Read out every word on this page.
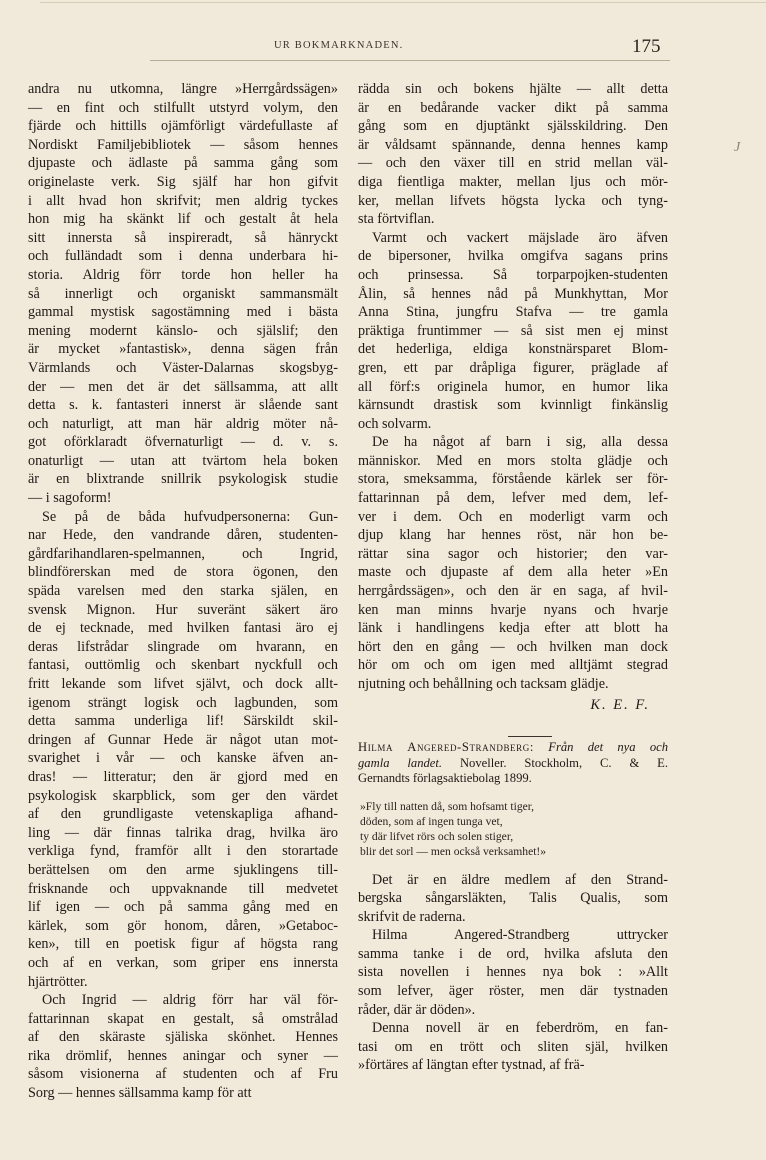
UR BOKMARKNADEN.	175
J
andra nu utkomna, längre »Herrgårdssägen»
— en fint och stilfullt utstyrd volym, den
fjärde och hittills ojämförligt värdefullaste af
Nordiskt Familjebibliotek — såsom hennes
djupaste och ädlaste på samma gång som
originelaste verk. Sig själf har hon gifvit
i allt hvad hon skrifvit; men aldrig tyckes
hon mig ha skänkt lif och gestalt åt hela
sitt innersta så inspireradt, så hänryckt
och fulländadt som i denna underbara hi-
storia. Aldrig förr torde hon heller ha
så innerligt och organiskt sammansmält
gammal mystisk sagostämning med i bästa
mening modernt känslo- och själslif; den
är mycket »fantastisk», denna sägen från
Värmlands och Väster-Dalarnas skogsbyg-
der — men det är det sällsamma, att allt
detta s. k. fantasteri innerst är slående sant
och naturligt, att man här aldrig möter nå-
got oförklaradt öfvernaturligt — d. v. s.
onaturligt — utan att tvärtom hela boken
är en blixtrande snillrik psykologisk studie
— i sagoform!
Se på de båda hufvudpersonerna: Gun-
nar Hede, den vandrande dåren, studenten-
gårdfarihandlaren-spelmannen, och Ingrid,
blindförerskan med de stora ögonen, den
späda varelsen med den starka själen, en
svensk Mignon. Hur suveränt säkert äro
de ej tecknade, med hvilken fantasi äro ej
deras lifstrådar slingrade om hvarann, en
fantasi, outtömlig och skenbart nyckfull och
fritt lekande som lifvet självt, och dock allt-
igenom strängt logisk och lagbunden, som
detta samma underliga lif! Särskildt skil-
dringen af Gunnar Hede är något utan mot-
svarighet i vår — och kanske äfven an-
dras! — litteratur; den är gjord med en
psykologisk skarpblick, som ger den värdet
af den grundligaste vetenskapliga afhand-
ling — där finnas talrika drag, hvilka äro
verkliga fynd, framför allt i den storartade
berättelsen om den arme sjuklingens till-
frisknande och uppvaknande till medvetet
lif igen — och på samma gång med en
kärlek, som gör honom, dåren, »Getaboc-
ken», till en poetisk figur af högsta rang
och af en verkan, som griper ens innersta
hjärtrötter.
Och Ingrid — aldrig förr har väl för-
fattarinnan skapat en gestalt, så omstrålad
af den skäraste själiska skönhet. Hennes
rika drömlif, hennes aningar och syner —
såsom visionerna af studenten och af Fru
Sorg — hennes sällsamma kamp för att
rädda sin och bokens hjälte — allt detta
är en bedårande vacker dikt på samma
gång som en djuptänkt själsskildring. Den
är våldsamt spännande, denna hennes kamp
— och den växer till en strid mellan väl-
diga fientliga makter, mellan ljus och mör-
ker, mellan lifvets högsta lycka och tyng-
sta förtviflan.
Varmt och vackert mäjslade äro äfven
de bipersoner, hvilka omgifva sagans prins
och prinsessa. Så torparpojken-studenten
Ålin, så hennes nåd på Munkhyttan, Mor
Anna Stina, jungfru Stafva — tre gamla
präktiga fruntimmer — så sist men ej minst
det hederliga, eldiga konstnärsparet Blom-
gren, ett par dråpliga figurer, präglade af
all förf:s originela humor, en humor lika
kärnsundt drastisk som kvinnligt finkänslig
och solvarm.
De ha något af barn i sig, alla dessa
människor. Med en mors stolta glädje och
stora, smeksamma, förstående kärlek ser för-
fattarinnan på dem, lefver med dem, lef-
ver i dem. Och en moderligt varm och
djup klang har hennes röst, när hon be-
rättar sina sagor och historier; den var-
maste och djupaste af dem alla heter »En
herrgårdssägen», och den är en saga, af hvil-
ken man minns hvarje nyans och hvarje
länk i handlingens kedja efter att blott ha
hört den en gång — och hvilken man dock
hör om och om igen med alltjämt stegrad
njutning och behållning och tacksam glädje.
K. E. F.
Hilma Angered-Strandberg: Från det nya och
gamla landet. Noveller. Stockholm, C. & E.
Gernandts förlagsaktiebolag 1899.
»Fly till natten då, som hofsamt tiger,
döden, som af ingen tunga vet,
ty där lifvet rörs och solen stiger,
blir det sorl — men också verksamhet!»
Det är en äldre medlem af den Strand-
bergska sångarsläkten, Talis Qualis, som
skrifvit de raderna.
Hilma Angered-Strandberg uttrycker
samma tanke i de ord, hvilka afsluta den
sista novellen i hennes nya bok : »Allt
som lefver, äger röster, men där tystnaden
råder, där är döden».
Denna novell är en feberdröm, en fan-
tasi om en trött och sliten själ, hvilken
»förtäres af längtan efter tystnad, af frä-
